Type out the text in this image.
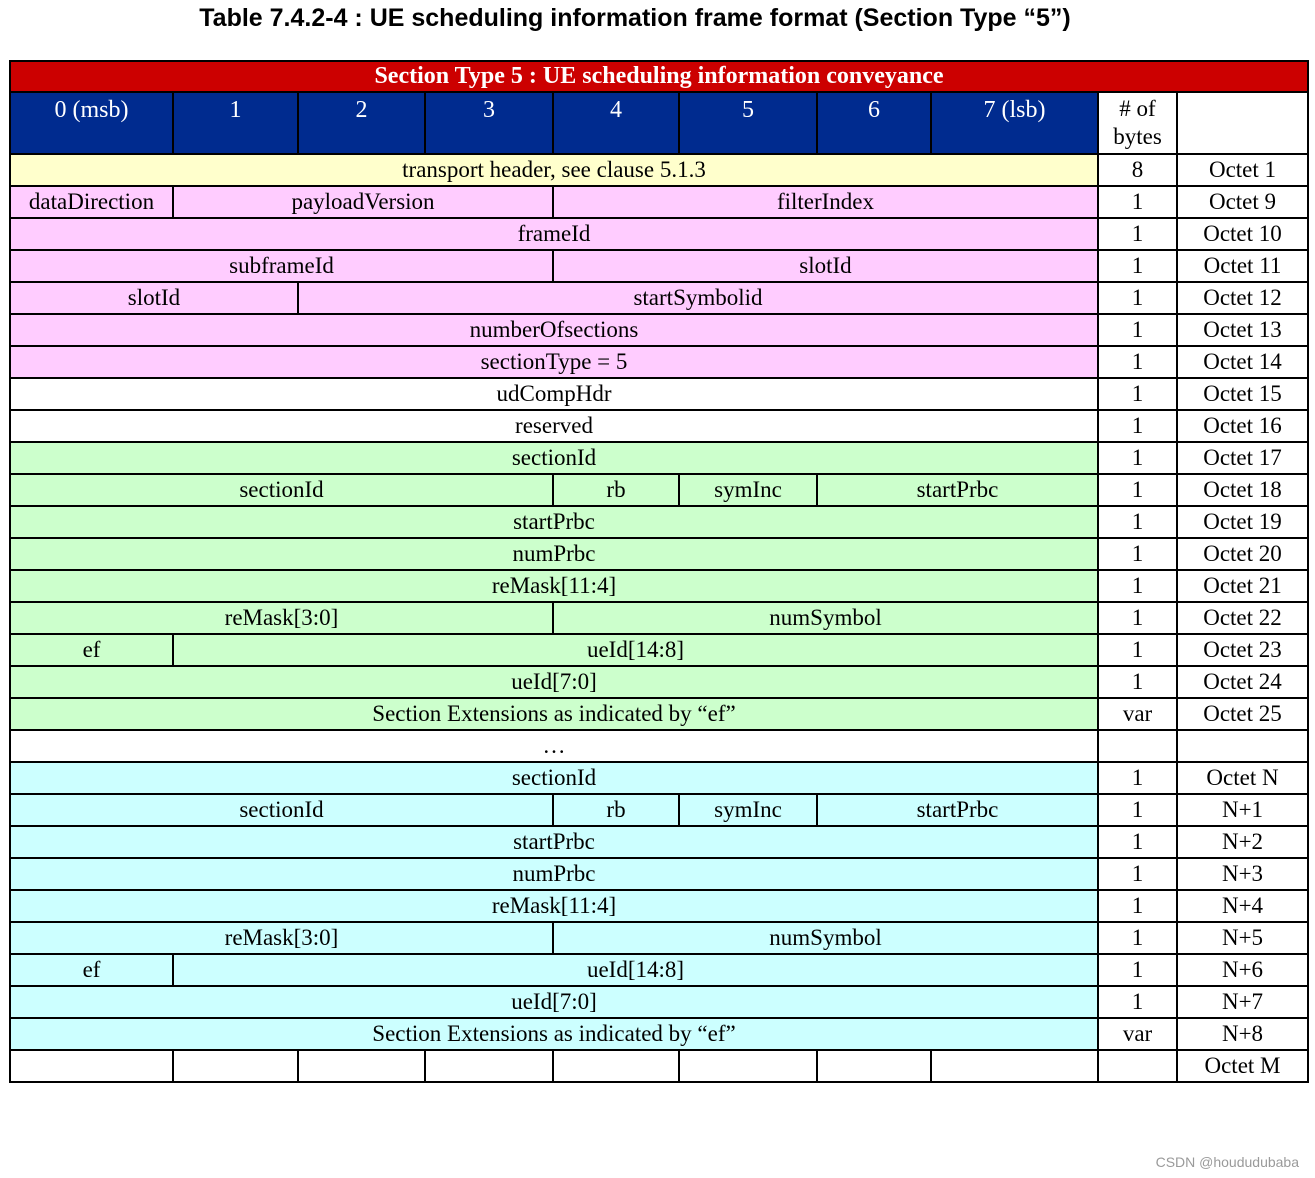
Table 7.4.2-4 : UE scheduling information frame format (Section Type “5”)
Section Type 5 : UE scheduling information conveyance									
0 (msb)	1	2	3	4	5	6	7 (lsb)	# of bytes	
transport header, see clause 5.1.3								8	Octet 1
dataDirection	payloadVersion			filterIndex				1	Octet 9
frameId								1	Octet 10
subframeId				slotId				1	Octet 11
slotId		startSymbolid						1	Octet 12
numberOfsections								1	Octet 13
sectionType = 5								1	Octet 14
udCompHdr								1	Octet 15
reserved								1	Octet 16
sectionId								1	Octet 17
sectionId				rb	symInc	startPrbc		1	Octet 18
startPrbc								1	Octet 19
numPrbc								1	Octet 20
reMask[11:4]								1	Octet 21
reMask[3:0]				numSymbol				1	Octet 22
ef	ueId[14:8]							1	Octet 23
ueId[7:0]								1	Octet 24
Section Extensions as indicated by “ef”								var	Octet 25
…									
sectionId								1	Octet N
sectionId				rb	symInc	startPrbc		1	N+1
startPrbc								1	N+2
numPrbc								1	N+3
reMask[11:4]								1	N+4
reMask[3:0]				numSymbol				1	N+5
ef	ueId[14:8]							1	N+6
ueId[7:0]								1	N+7
Section Extensions as indicated by “ef”								var	N+8
									Octet M
CSDN @hoududubaba
